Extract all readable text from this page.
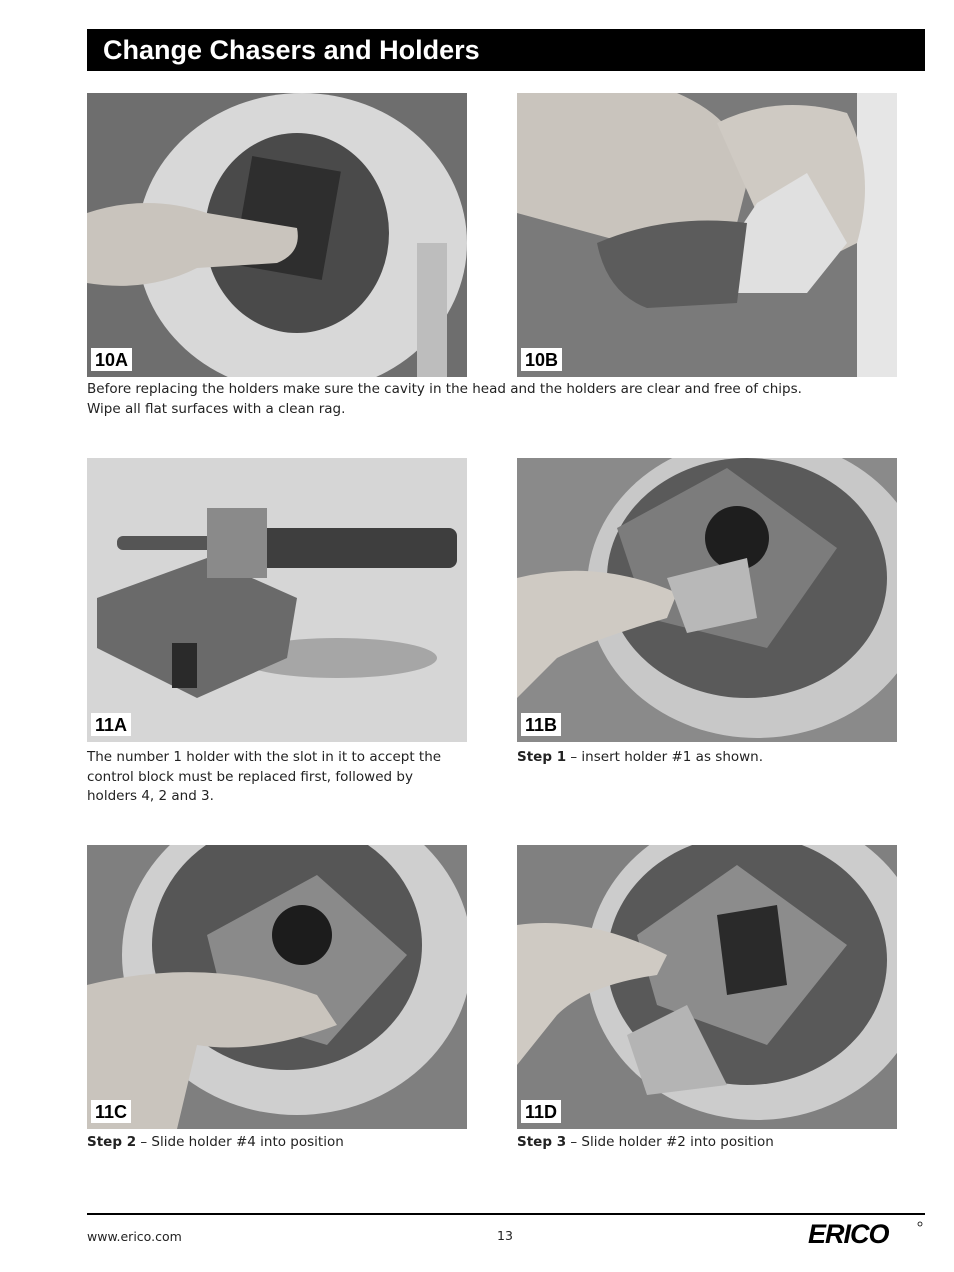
Change Chasers and Holders
10A	10B
Before replacing the holders make sure the cavity in the head and the holders are clear and free of chips.
Wipe all flat surfaces with a clean rag.
11A	11B
The number 1 holder with the slot in it to accept the control block must be replaced first, followed by holders 4, 2 and 3.
Step 1 – insert holder #1 as shown.
11C	11D
Step 2 – Slide holder #4 into position	Step 3 – Slide holder #2 into position
www.erico.com	13	ERICO
